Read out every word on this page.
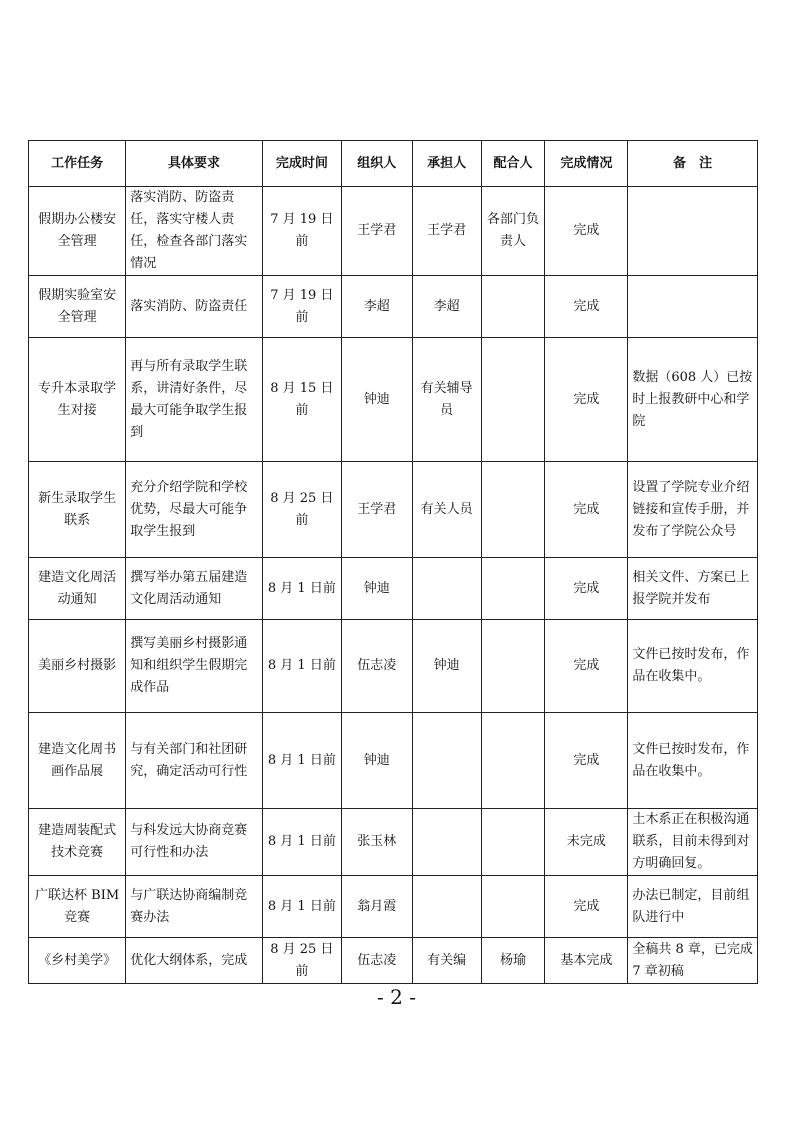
工作任务	具体要求	完成时间	组织人	承担人	配合人	完成情况	备　注
假期办公楼安全管理	落实消防、防盗责任，落实守楼人责任，检查各部门落实情况	7 月 19 日前	王学君	王学君	各部门负责人	完成	
假期实验室安全管理	落实消防、防盗责任	7 月 19 日前	李超	李超		完成	
专升本录取学生对接	再与所有录取学生联系，讲清好条件，尽最大可能争取学生报到	8 月 15 日前	钟迪	有关辅导员		完成	数据（608 人）已按时上报教研中心和学院
新生录取学生联系	充分介绍学院和学校优势，尽最大可能争取学生报到	8 月 25 日前	王学君	有关人员		完成	设置了学院专业介绍链接和宣传手册，并发布了学院公众号
建造文化周活动通知	撰写举办第五届建造文化周活动通知	8 月 1 日前	钟迪			完成	相关文件、方案已上报学院并发布
美丽乡村摄影	撰写美丽乡村摄影通知和组织学生假期完成作品	8 月 1 日前	伍志凌	钟迪		完成	文件已按时发布，作品在收集中。
建造文化周书画作品展	与有关部门和社团研究，确定活动可行性	8 月 1 日前	钟迪			完成	文件已按时发布，作品在收集中。
建造周装配式技术竞赛	与科发远大协商竞赛可行性和办法	8 月 1 日前	张玉林			未完成	土木系正在积极沟通联系，目前未得到对方明确回复。
广联达杯 BIM 竞赛	与广联达协商编制竞赛办法	8 月 1 日前	翁月霞			完成	办法已制定，目前组队进行中
《乡村美学》	优化大纲体系，完成	8 月 25 日前	伍志凌	有关编	杨瑜	基本完成	全稿共 8 章，已完成 7 章初稿
- 2 -
